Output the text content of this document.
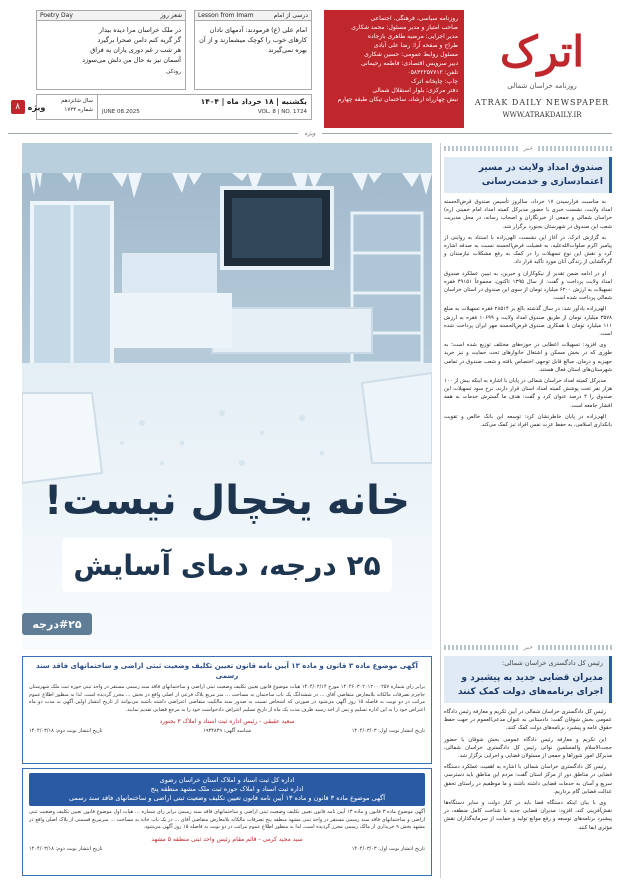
اترک
روزنامه خراسان شمالی
ATRAK DAILY NEWSPAPER
WWW.ATRAKDAILY.IR
روزنامه سیاسی، فرهنگی، اجتماعی
صاحب امتیاز و مدیر مسئول: محمد شکاری
مدیر اجرایی: مرضیه طاهری بازجاده
طراح و صفحه آرا: رضا علی آبادی
مسئول روابط عمومی: حسین شکاری
دبیر سرویس اقتصادی: فاطمه رحیمانی
تلفن: ۰۵۸۳۲۲۵۷۷۱۲
چاپ: چاپخانه اترک
دفتر مرکزی: بلوار استقلال شمالی
نبش چهارراه ارشاد، ساختمان تیکان طبقه چهارم
درسی از امام
Lesson from Imam
امام علی (ع) فرمودند: آدمهای نادان کارهای خوب را کوچک میشمارند و از آن بهره نمی‌گیرند
شعر روز
Poetry Day
در ملک خراسان مرا دیده بیدار
گر گریه کنم دامن صحرا برگیرد
هر شب ز غم دوری یاران به فراق
آسمان نیز به حال من دلش می‌سوزد
رودکی
یکشنبه | ۱۸ خرداد ماه | ۱۴۰۴
VOL. 8 | NO. 1724
JUNE 08.2025
سال شانزدهم
شماره ۱۷۲۴
ویژه
۸
ویژه
خانه یخچال نیست!
۲۵ درجه، دمای آسایش
#۲۵درجه
آگهی موضوع ماده ۳ قانون و ماده ۱۳ آیین نامه قانون تعیین تکلیف وضعیت ثبتی اراضی و ساختمانهای فاقد سند رسمی
برابر رای شماره ۱۴۰۴۶۰۳۰۲۰۱۲۰۰۰۲۵۷ مورخ ۱۴۰۴/۰۲/۱۴ هیات موضوع قانون تعیین تکلیف وضعیت ثبتی اراضی و ساختمانهای فاقد سند رسمی مستقر در واحد ثبتی حوزه ثبت ملک شهرستان جاجرم تصرفات مالکانه بلامعارض متقاضی آقای ... در ششدانگ یک باب ساختمان به مساحت ... متر مربع پلاک فرعی از اصلی واقع در بخش ... محرز گردیده است. لذا به منظور اطلاع عموم مراتب در دو نوبت به فاصله ۱۵ روز آگهی می‌شود در صورتی که اشخاص نسبت به صدور سند مالکیت متقاضی اعتراضی داشته باشند می‌توانند از تاریخ انتشار اولین آگهی به مدت دو ماه اعتراض خود را به این اداره تسلیم و پس از اخذ رسید ظرف مدت یک ماه از تاریخ تسلیم اعتراض دادخواست خود را به مرجع قضایی تقدیم نمایند.
سعید عقیقی - رئیس اداره ثبت اسناد و املاک ۳ بجنورد
تاریخ انتشار نوبت اول: ۱۴۰۴/۰۳/۰۳
شناسه آگهی: ۱۹۳۴۸۴۹
تاریخ انتشار نوبت دوم: ۱۴۰۴/۰۳/۱۸
اداره کل ثبت اسناد و املاک استان خراسان رضوی
اداره ثبت اسناد و املاک حوزه ثبت ملک مشهد منطقه پنج
آگهی موضوع ماده ۳ قانون و ماده ۱۳ آیین نامه قانون تعیین تکلیف وضعیت ثبتی اراضی و ساختمانهای فاقد سند رسمی
آگهی موضوع ماده ۳ قانون و ماده ۱۳ آیین نامه قانون تعیین تکلیف وضعیت ثبتی اراضی و ساختمانهای فاقد سند رسمی برابر رای شماره ... هیات اول موضوع قانون تعیین تکلیف وضعیت ثبتی اراضی و ساختمانهای فاقد سند رسمی مستقر در واحد ثبتی مشهد منطقه پنج تصرفات مالکانه بلامعارض متقاضی آقای ... در یک باب خانه به مساحت ... مترمربع قسمتی از پلاک اصلی واقع در مشهد بخش ۹ خریداری از مالک رسمی محرز گردیده است. لذا به منظور اطلاع عموم مراتب در دو نوبت به فاصله ۱۵ روز آگهی می‌شود.
سید مجید کرمی - قائم مقام رئیس واحد ثبتی منطقه ۵ مشهد
تاریخ انتشار نوبت اول: ۱۴۰۴/۰۳/۰۳
تاریخ انتشار نوبت دوم: ۱۴۰۴/۰۳/۱۸
خبر
صندوق امداد ولایت در مسیر اعتمادسازی و خدمت‌رسانی

به مناسبت فرارسیدن ۱۷ خرداد، سالروز تأسیس صندوق قرض‌الحسنه امداد ولایت، نشست خبری با حضور مدیرکل کمیته امداد امام خمینی (ره) خراسان شمالی و جمعی از خبرنگاران و اصحاب رسانه، در محل مدیریت شعب این صندوق در شهرستان بجنورد برگزار شد.

به گزارش اترک، در آغاز این نشست، الهی‌زاده با استناد به روایتی از پیامبر اکرم صلوات‌الله‌علیه، به فضیلت قرض‌الحسنه نسبت به صدقه اشاره کرد و نقش این نوع تسهیلات را در کمک به رفع مشکلات نیازمندان و گره‌گشایی از زندگی آنان مورد تأکید قرار داد.

او در ادامه ضمن تقدیر از نیکوکاران و خیرین، به تبیین عملکرد صندوق امداد ولایت پرداخت و گفت: از سال ۱۳۹۵ تاکنون، مجموعاً ۴۹۱۵۱ فقره تسهیلات به ارزش ۶۲۰۰ میلیارد تومان از سوی این صندوق در استان خراسان شمالی پرداخت شده است.

الهی‌زاده یادآور شد: در سال گذشته بالغ بر ۲۸۵۱۴ فقره تسهیلات به مبلغ ۳۵۷۸ میلیارد تومان از طریق صندوق امداد ولایت و ۱۰۶۹۹ فقره به ارزش ۱۱۱ میلیارد تومان با همکاری صندوق قرض‌الحسنه مهر ایران پرداخت شده است.

وی افزود: تسهیلات اعطایی در حوزه‌های مختلف توزیع شده است؛ به طوری که در بخش مسکن و اشتغال خانوارهای تحت حمایت و نیز خرید جهیزیه و درمان، مبالغ قابل توجهی اختصاص یافته و شعب صندوق در تمامی شهرستان‌های استان فعال هستند.

مدیرکل کمیته امداد خراسان شمالی در پایان با اشاره به اینکه بیش از ۱۰۰ هزار نفر تحت پوشش کمیته امداد استان قرار دارند، نرخ سود تسهیلات این صندوق را ۴ درصد عنوان کرد و گفت: هدف ما گسترش خدمات به همه اقشار جامعه است.

الهی‌زاده در پایان خاطرنشان کرد: توسعه این بانک خالص و تقویت بانکداری اسلامی، به حفظ عزت نفس افراد نیز کمک می‌کند.

خبر
رئیس کل دادگستری خراسان شمالی:
مدیران قضایی جدید به پیشبرد و اجرای برنامه‌های دولت کمک کنند

رئیس کل دادگستری خراسان شمالی در آیین تکریم و معارفه رئیس دادگاه عمومی بخش شوقان گفت: دادستانی به عنوان مدعی‌العموم در جهت حفظ حقوق عامه و پیشبرد برنامه‌های دولت کمک کنند.

این تکریم و معارفه رئیس دادگاه عمومی بخش شوقان با حضور حجت‌الاسلام والمسلمین نوائی رئیس کل دادگستری خراسان شمالی، مدیرکل امور شوراها و جمعی از مسئولان قضایی و اجرایی برگزار شد.

رئیس کل دادگستری خراسان شمالی با اشاره به اهمیت عملکرد دستگاه قضایی در مناطق دور از مرکز استان گفت: مردم این مناطق باید دسترسی سریع و آسان به خدمات قضایی داشته باشند و ما موظفیم در راستای تحقق عدالت قضایی گام برداریم.

وی با بیان اینکه دستگاه قضا باید در کنار دولت و سایر دستگاه‌ها نقش‌آفرینی کند، افزود: مدیران قضایی جدید با شناخت کامل منطقه، در پیشبرد برنامه‌های توسعه و رفع موانع تولید و حمایت از سرمایه‌گذاران نقش مؤثری ایفا کنند.
